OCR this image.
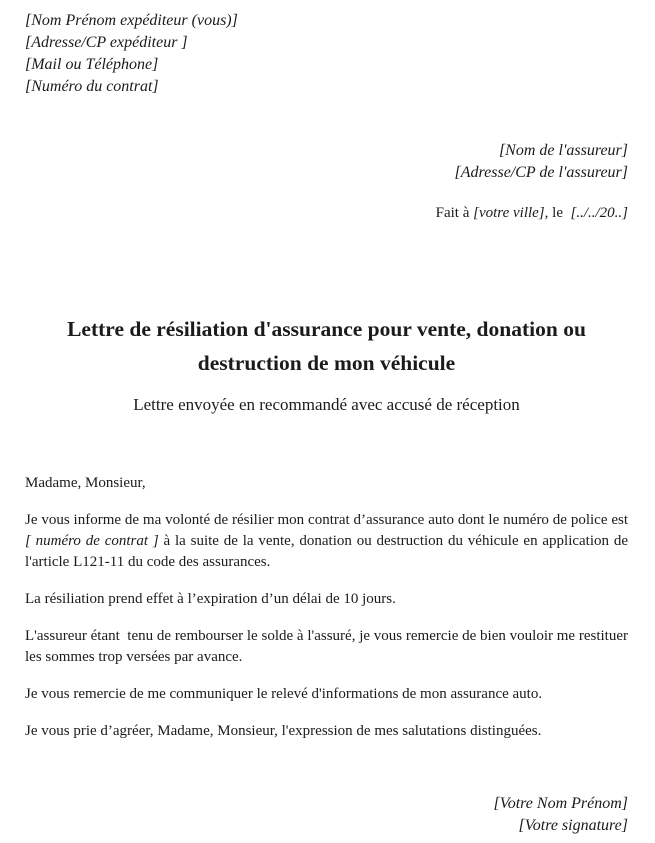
[Nom Prénom expéditeur (vous)]
[Adresse/CP expéditeur ]
[Mail ou Téléphone]
[Numéro du contrat]
[Nom de l'assureur]
[Adresse/CP de l'assureur]
Fait à [votre ville], le  [../../20..]
Lettre de résiliation d'assurance pour vente, donation ou destruction de mon véhicule
Lettre envoyée en recommandé avec accusé de réception

Madame, Monsieur,

Je vous informe de ma volonté de résilier mon contrat d’assurance auto dont le numéro de police est [ numéro de contrat ] à la suite de la vente, donation ou destruction du véhicule en application de l'article L121-11 du code des assurances.

La résiliation prend effet à l’expiration d’un délai de 10 jours.

L'assureur étant  tenu de rembourser le solde à l'assuré, je vous remercie de bien vouloir me restituer les sommes trop versées par avance.

Je vous remercie de me communiquer le relevé d'informations de mon assurance auto.

Je vous prie d’agréer, Madame, Monsieur, l'expression de mes salutations distinguées.

[Votre Nom Prénom]
[Votre signature]
